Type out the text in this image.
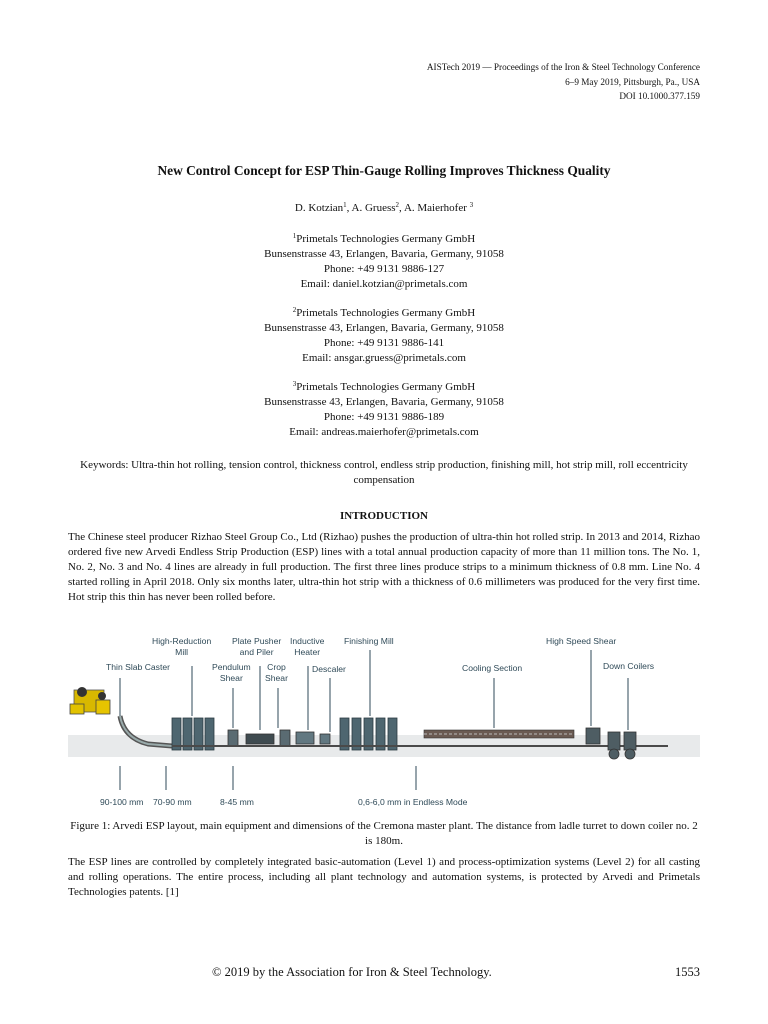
AISTech 2019 — Proceedings of the Iron & Steel Technology Conference
6–9 May 2019, Pittsburgh, Pa., USA
DOI 10.1000.377.159
New Control Concept for ESP Thin-Gauge Rolling Improves Thickness Quality
D. Kotzian$^1$, A. Gruess$^2$, A. Maierhofer $^3$
$^1$Primetals Technologies Germany GmbH
Bunsenstrasse 43, Erlangen, Bavaria, Germany, 91058
Phone: +49 9131 9886-127
Email: daniel.kotzian@primetals.com
$^2$Primetals Technologies Germany GmbH
Bunsenstrasse 43, Erlangen, Bavaria, Germany, 91058
Phone: +49 9131 9886-141
Email: ansgar.gruess@primetals.com
$^3$Primetals Technologies Germany GmbH
Bunsenstrasse 43, Erlangen, Bavaria, Germany, 91058
Phone: +49 9131 9886-189
Email: andreas.maierhofer@primetals.com
Keywords: Ultra-thin hot rolling, tension control, thickness control, endless strip production, finishing mill, hot strip mill, roll eccentricity compensation
INTRODUCTION
The Chinese steel producer Rizhao Steel Group Co., Ltd (Rizhao) pushes the production of ultra-thin hot rolled strip. In 2013 and 2014, Rizhao ordered five new Arvedi Endless Strip Production (ESP) lines with a total annual production capacity of more than 11 million tons. The No. 1, No. 2, No. 3 and No. 4 lines are already in full production. The first three lines produce strips to a minimum thickness of 0.8 mm. Line No. 4 started rolling in April 2018. Only six months later, ultra-thin hot strip with a thickness of 0.6 millimeters was produced for the very first time. Hot strip this thin has never been rolled before.
High-Reduction
Mill
Plate Pusher
and Piler
Inductive
Heater
Finishing Mill	High Speed Shear
Thin Slab Caster	Pendulum
Shear
Crop
Shear
Descaler	Cooling Section	Down Coilers
90-100 mm 70-90 mm	8-45 mm	0,6-6,0 mm in Endless Mode
Figure 1: Arvedi ESP layout, main equipment and dimensions of the Cremona master plant. The distance from ladle turret to down coiler no. 2 is 180m.
The ESP lines are controlled by completely integrated basic-automation (Level 1) and process-optimization systems (Level 2) for all casting and rolling operations. The entire process, including all plant technology and automation systems, is protected by Arvedi and Primetals Technologies patents. [1]
© 2019 by the Association for Iron & Steel Technology.	1553
